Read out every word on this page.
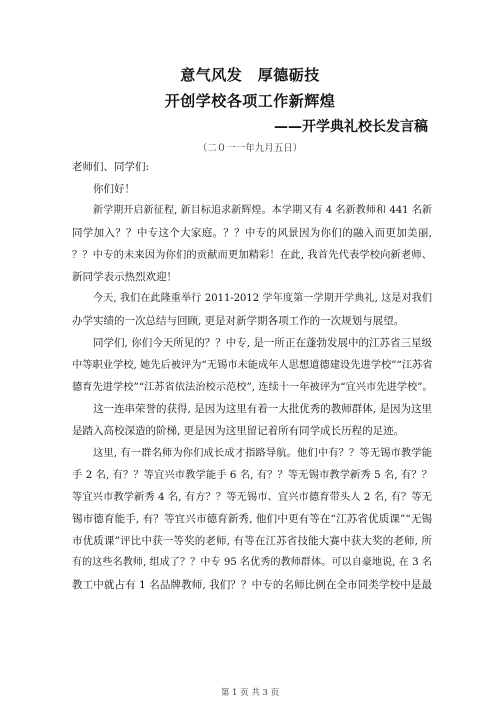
意气风发　厚德砺技
开创学校各项工作新辉煌
——开学典礼校长发言稿
（二０一一年九月五日）
老师们、同学们:
你们好！
新学期开启新征程, 新目标追求新辉煌。本学期又有 4 名新教师和 441 名新
同学加入？？中专这个大家庭。？？中专的风景因为你们的融入而更加美丽,
？？中专的未来因为你们的贡献而更加精彩！在此, 我首先代表学校向新老师、
新同学表示热烈欢迎！
今天, 我们在此隆重举行 2011-2012 学年度第一学期开学典礼, 这是对我们
办学实绩的一次总结与回顾, 更是对新学期各项工作的一次规划与展望。
同学们, 你们今天所见的？？中专, 是一所正在蓬勃发展中的江苏省三星级
中等职业学校, 她先后被评为“无锡市未能成年人思想道德建设先进学校”“江苏省
德育先进学校”“江苏省依法治校示范校”, 连续十一年被评为“宜兴市先进学校”。
这一连串荣誉的获得, 是因为这里有着一大批优秀的教师群体, 是因为这里
是踏入高校深造的阶梯, 更是因为这里留记着所有同学成长历程的足迹。
这里, 有一群名师为你们成长成才指路导航。他们中有？？等无锡市教学能
手 2 名, 有？？等宜兴市教学能手 6 名, 有？？等无锡市教学新秀 5 名, 有？？
等宜兴市教学新秀 4 名, 有方？？等无锡市、宜兴市德育带头人 2 名, 有？等无
锡市德育能手, 有？等宜兴市德育新秀, 他们中更有等在“江苏省优质课”“无锡
市优质课”评比中获一等奖的老师, 有等在江苏省技能大赛中获大奖的老师, 所
有的这些名教师, 组成了？？中专 95 名优秀的教师群体。可以自豪地说, 在 3 名
教工中就占有 1 名品牌教师, 我们？？中专的名师比例在全市同类学校中是最
第 1 页 共 3 页
